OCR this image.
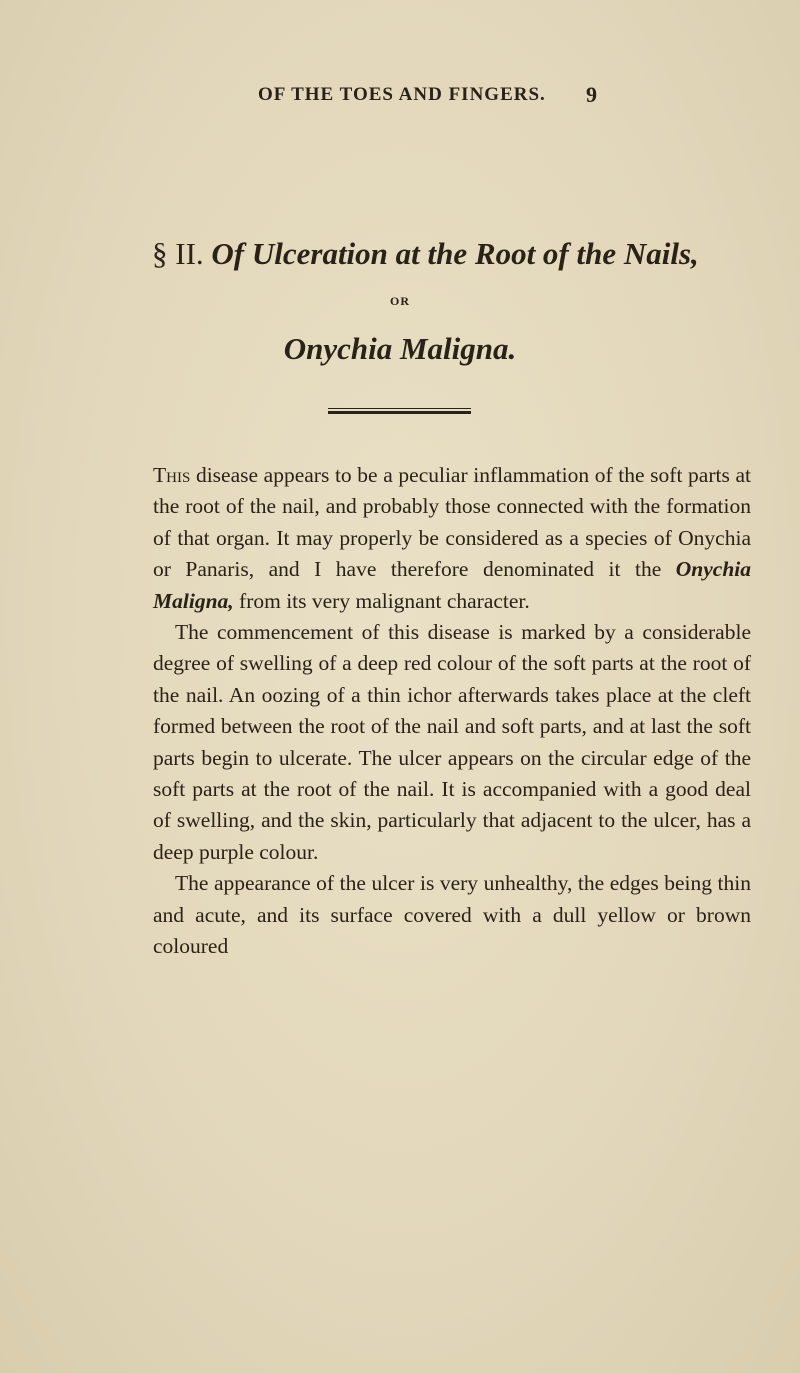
OF THE TOES AND FINGERS. 9
§ II. Of Ulceration at the Root of the Nails,
OR
Onychia Maligna.

This disease appears to be a peculiar inflammation of the soft parts at the root of the nail, and probably those connected with the formation of that organ. It may properly be considered as a species of Onychia or Panaris, and I have therefore denominated it the Onychia Maligna, from its very malignant character.

The commencement of this disease is marked by a considerable degree of swelling of a deep red colour of the soft parts at the root of the nail. An oozing of a thin ichor afterwards takes place at the cleft formed between the root of the nail and soft parts, and at last the soft parts begin to ulcerate. The ulcer appears on the circular edge of the soft parts at the root of the nail. It is accompanied with a good deal of swelling, and the skin, particularly that adjacent to the ulcer, has a deep purple colour.

The appearance of the ulcer is very unhealthy, the edges being thin and acute, and its surface covered with a dull yellow or brown coloured
